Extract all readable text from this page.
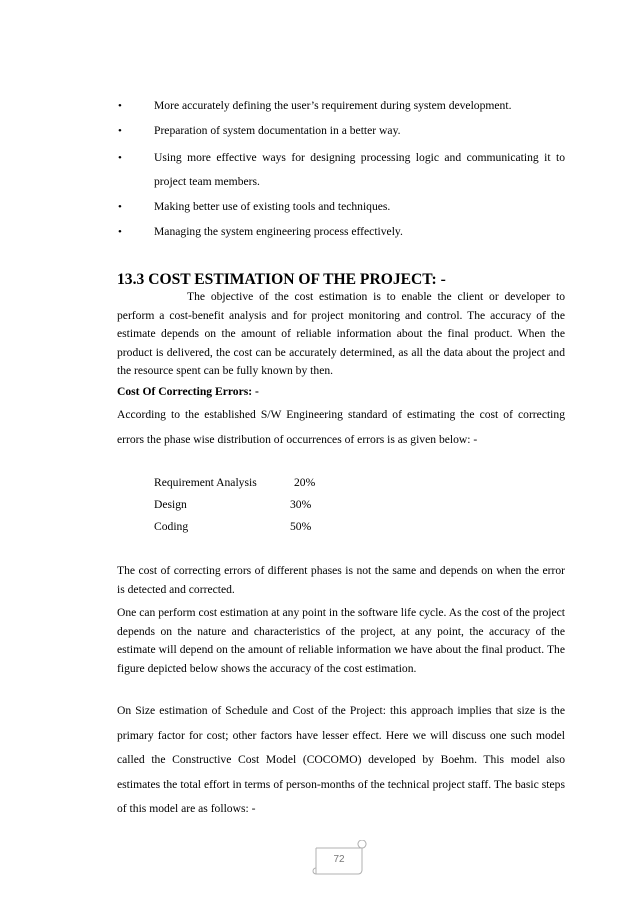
•	More accurately defining the user’s requirement during system development.
•	Preparation of system documentation in a better way.
•	Using more effective ways for designing processing logic and communicating it to project team members.
•	Making better use of existing tools and techniques.
•	Managing the system engineering process effectively.
13.3 COST ESTIMATION OF THE PROJECT: -

The objective of the cost estimation is to enable the client or developer to perform a cost-benefit analysis and for project monitoring and control. The accuracy of the estimate depends on the amount of reliable information about the final product. When the product is delivered, the cost can be accurately determined, as all the data about the project and the resource spent can be fully known by then.

Cost Of Correcting Errors: -

According to the established S/W Engineering standard of estimating the cost of correcting errors the phase wise distribution of occurrences of errors is as given below: -

Requirement Analysis	20%
Design	30%
Coding	50%

The cost of correcting errors of different phases is not the same and depends on when the error is detected and corrected.

One can perform cost estimation at any point in the software life cycle. As the cost of the project depends on the nature and characteristics of the project, at any point, the accuracy of the estimate will depend on the amount of reliable information we have about the final product. The figure depicted below shows the accuracy of the cost estimation.

On Size estimation of Schedule and Cost of the Project: this approach implies that size is the primary factor for cost; other factors have lesser effect. Here we will discuss one such model called the Constructive Cost Model (COCOMO) developed by Boehm. This model also estimates the total effort in terms of person-months of the technical project staff. The basic steps of this model are as follows: -

72
